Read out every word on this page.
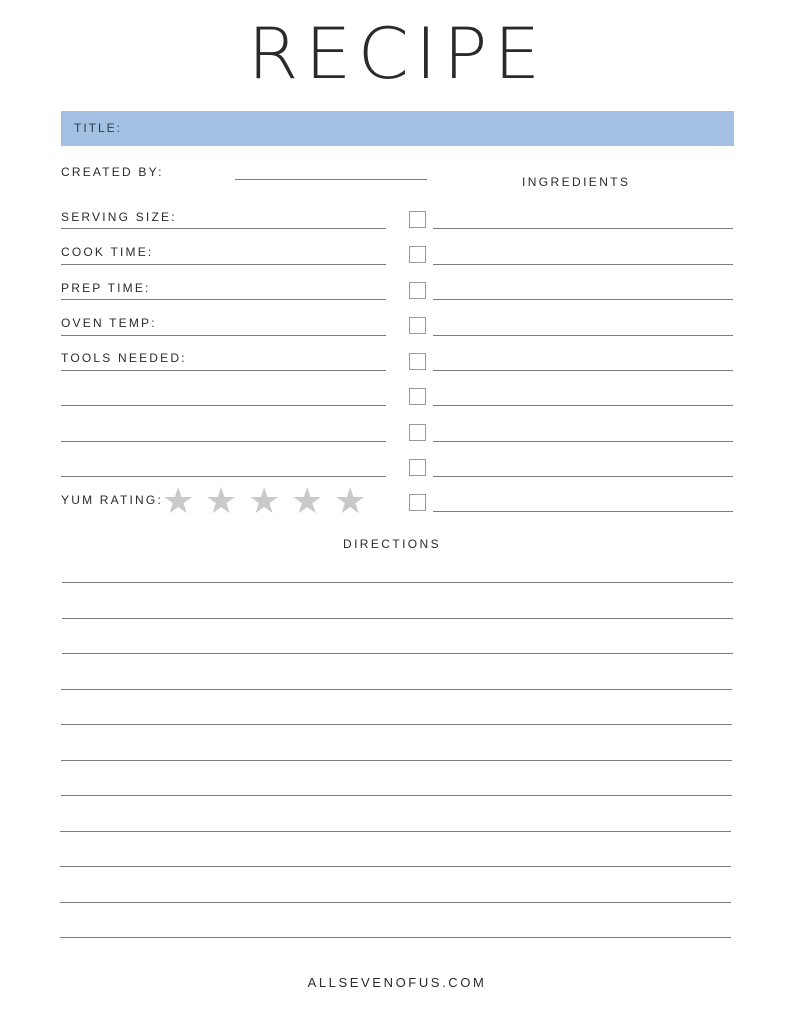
RECIPE
TITLE:
CREATED BY:
SERVING SIZE:
COOK TIME:
PREP TIME:
OVEN TEMP:
TOOLS NEEDED:
YUM RATING: ★ ★ ★ ★ ★
INGREDIENTS
DIRECTIONS
ALLSEVENOFUS.COM
